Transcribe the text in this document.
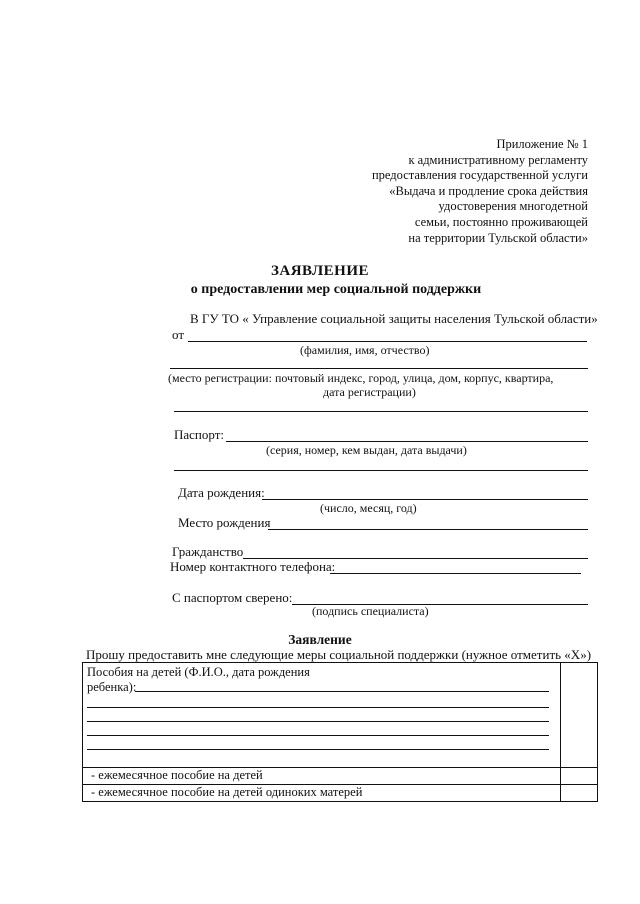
Приложение № 1
к административному регламенту
предоставления государственной услуги
«Выдача и продление срока действия
удостоверения многодетной
семьи, постоянно проживающей
на территории Тульской области»
ЗАЯВЛЕНИЕ
о предоставлении мер социальной поддержки
В ГУ ТО « Управление социальной защиты населения Тульской области»
от
(фамилия, имя, отчество)
(место регистрации: почтовый индекс, город, улица, дом, корпус, квартира,
дата регистрации)
Паспорт:
(серия, номер, кем выдан, дата выдачи)
Дата рождения:
(число, месяц, год)
Место рождения
Гражданство
Номер контактного телефона:
С паспортом сверено:
(подпись специалиста)
Заявление
Прошу предоставить мне следующие меры социальной поддержки (нужное отметить «Х»)
Пособия на детей (Ф.И.О., дата рождения
ребенка):	

- ежемесячное пособие на детей	
- ежемесячное пособие на детей одиноких матерей	
